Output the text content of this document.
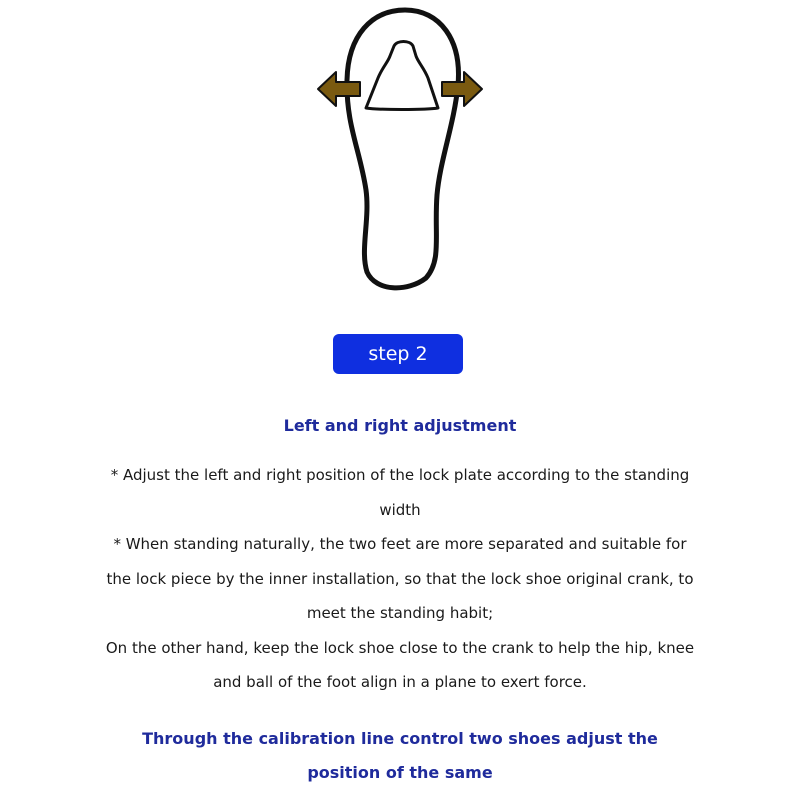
step 2
Left and right adjustment

* Adjust the left and right position of the lock plate according to the standing width

* When standing naturally, the two feet are more separated and suitable for the lock piece by the inner installation, so that the lock shoe original crank, to meet the standing habit;

On the other hand, keep the lock shoe close to the crank to help the hip, knee and ball of the foot align in a plane to exert force.

Through the calibration line control two shoes adjust the position of the same
